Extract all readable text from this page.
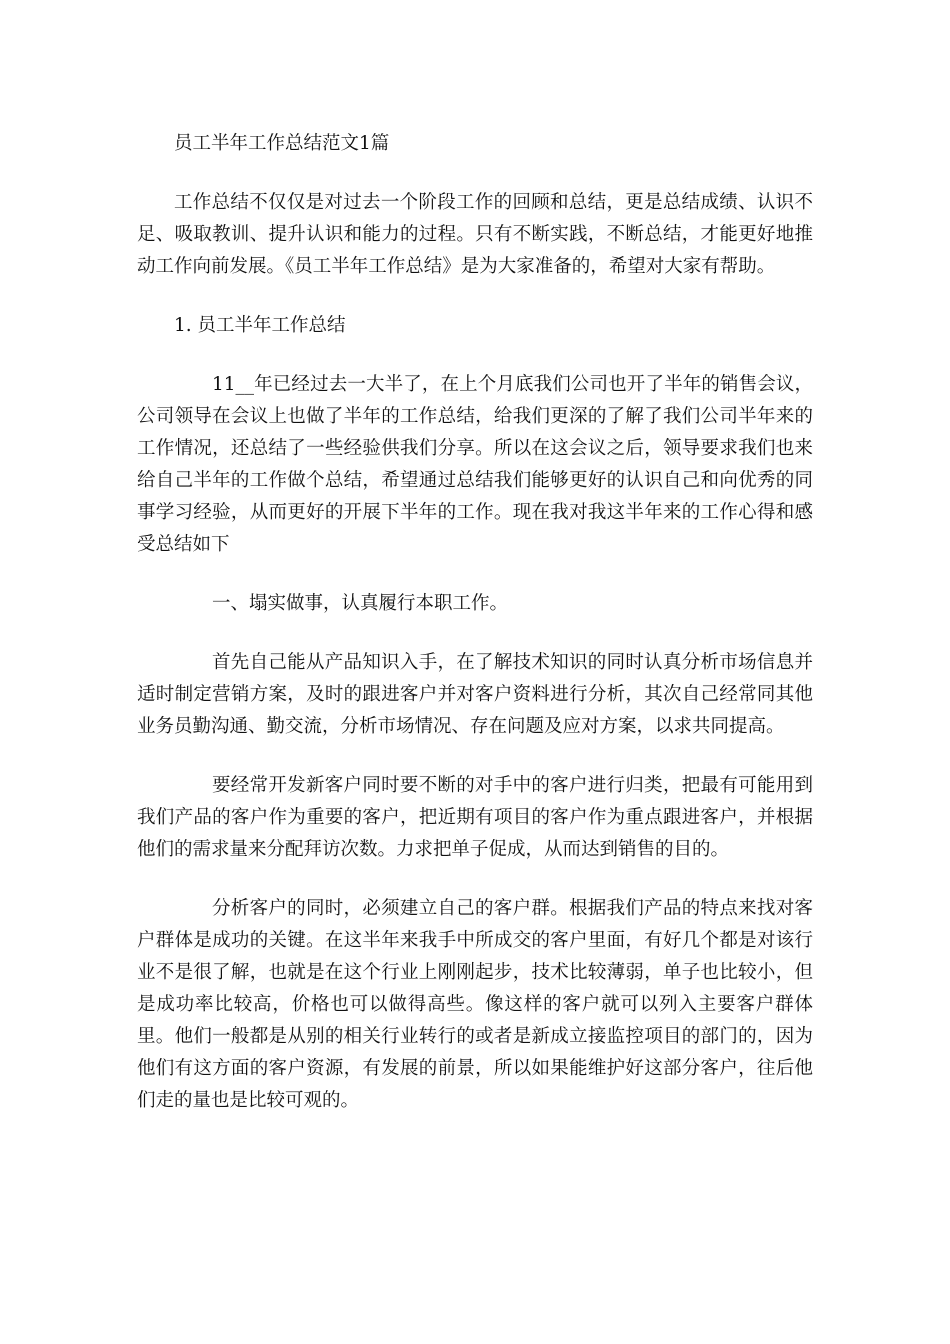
员工半年工作总结范文1篇

工作总结不仅仅是对过去一个阶段工作的回顾和总结，更是总结成绩、认识不足、吸取教训、提升认识和能力的过程。只有不断实践，不断总结，才能更好地推动工作向前发展。《员工半年工作总结》是为大家准备的，希望对大家有帮助。

1. 员工半年工作总结

11__年已经过去一大半了，在上个月底我们公司也开了半年的销售会议，公司领导在会议上也做了半年的工作总结，给我们更深的了解了我们公司半年来的工作情况，还总结了一些经验供我们分享。所以在这会议之后，领导要求我们也来给自己半年的工作做个总结，希望通过总结我们能够更好的认识自己和向优秀的同事学习经验，从而更好的开展下半年的工作。现在我对我这半年来的工作心得和感受总结如下

一、塌实做事，认真履行本职工作。

首先自己能从产品知识入手，在了解技术知识的同时认真分析市场信息并适时制定营销方案，及时的跟进客户并对客户资料进行分析，其次自己经常同其他业务员勤沟通、勤交流，分析市场情况、存在问题及应对方案，以求共同提高。

要经常开发新客户同时要不断的对手中的客户进行归类，把最有可能用到我们产品的客户作为重要的客户，把近期有项目的客户作为重点跟进客户，并根据他们的需求量来分配拜访次数。力求把单子促成，从而达到销售的目的。

分析客户的同时，必须建立自己的客户群。根据我们产品的特点来找对客户群体是成功的关键。在这半年来我手中所成交的客户里面，有好几个都是对该行业不是很了解，也就是在这个行业上刚刚起步，技术比较薄弱，单子也比较小，但是成功率比较高，价格也可以做得高些。像这样的客户就可以列入主要客户群体里。他们一般都是从别的相关行业转行的或者是新成立接监控项目的部门的，因为他们有这方面的客户资源，有发展的前景，所以如果能维护好这部分客户，往后他们走的量也是比较可观的。
